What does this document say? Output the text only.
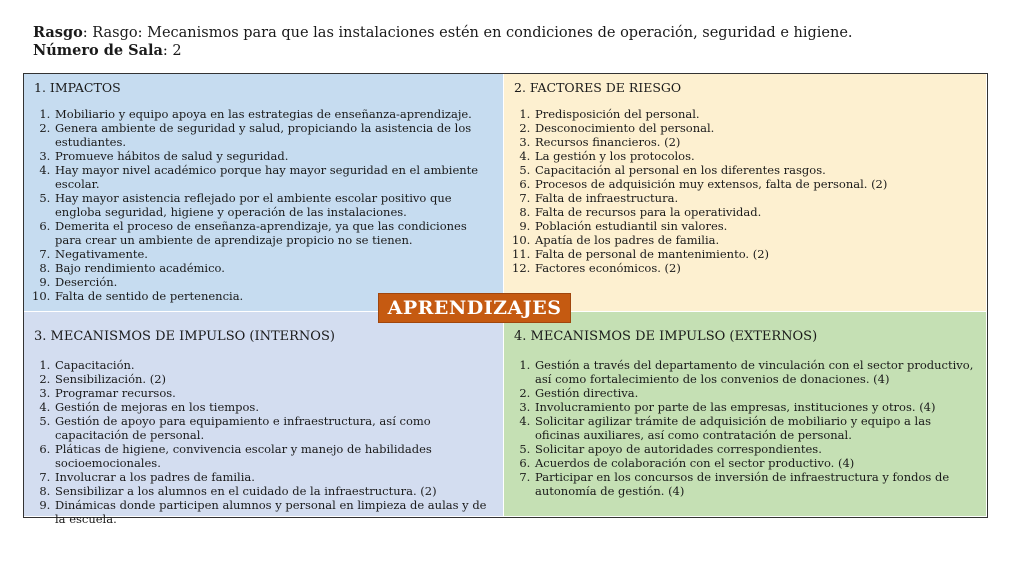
Rasgo: Rasgo: Mecanismos para que las instalaciones estén en condiciones de operación, seguridad e higiene.
Número de Sala: 2
1. IMPACTOS
1. Mobiliario y equipo apoya en las estrategias de enseñanza-aprendizaje.
2. Genera ambiente de seguridad y salud, propiciando la asistencia de los estudiantes.
3. Promueve hábitos de salud y seguridad.
4. Hay mayor nivel académico porque hay mayor seguridad en el ambiente escolar.
5. Hay mayor asistencia reflejado por el ambiente escolar positivo que engloba seguridad, higiene y operación de las instalaciones.
6. Demerita el proceso de enseñanza-aprendizaje, ya que las condiciones para crear un ambiente de aprendizaje propicio no se tienen.
7. Negativamente.
8. Bajo rendimiento académico.
9. Deserción.
10. Falta de sentido de pertenencia.
2. FACTORES DE RIESGO
1. Predisposición del personal.
2. Desconocimiento del personal.
3. Recursos financieros. (2)
4. La gestión y los protocolos.
5. Capacitación al personal en los diferentes rasgos.
6. Procesos de adquisición muy extensos, falta de personal. (2)
7. Falta de infraestructura.
8. Falta de recursos para la operatividad.
9. Población estudiantil sin valores.
10. Apatía de los padres de familia.
11. Falta de personal de mantenimiento. (2)
12. Factores económicos. (2)
3. MECANISMOS DE IMPULSO (INTERNOS)
1. Capacitación.
2. Sensibilización. (2)
3. Programar recursos.
4. Gestión de mejoras en los tiempos.
5. Gestión de apoyo para equipamiento e infraestructura, así como capacitación de personal.
6. Pláticas de higiene, convivencia escolar y manejo de habilidades socioemocionales.
7. Involucrar a los padres de familia.
8. Sensibilizar a los alumnos en el cuidado de la infraestructura. (2)
9. Dinámicas donde participen alumnos y personal en limpieza de aulas y de la escuela.
4. MECANISMOS DE IMPULSO (EXTERNOS)
1. Gestión a través del departamento de vinculación con el sector productivo, así como fortalecimiento de los convenios de donaciones. (4)
2. Gestión directiva.
3. Involucramiento por parte de las empresas, instituciones y otros. (4)
4. Solicitar agilizar trámite de adquisición de mobiliario y equipo a las oficinas auxiliares, así como contratación de personal.
5. Solicitar apoyo de autoridades correspondientes.
6. Acuerdos de colaboración con el sector productivo. (4)
7. Participar en los concursos de inversión de infraestructura y fondos de autonomía de gestión. (4)
APRENDIZAJES
